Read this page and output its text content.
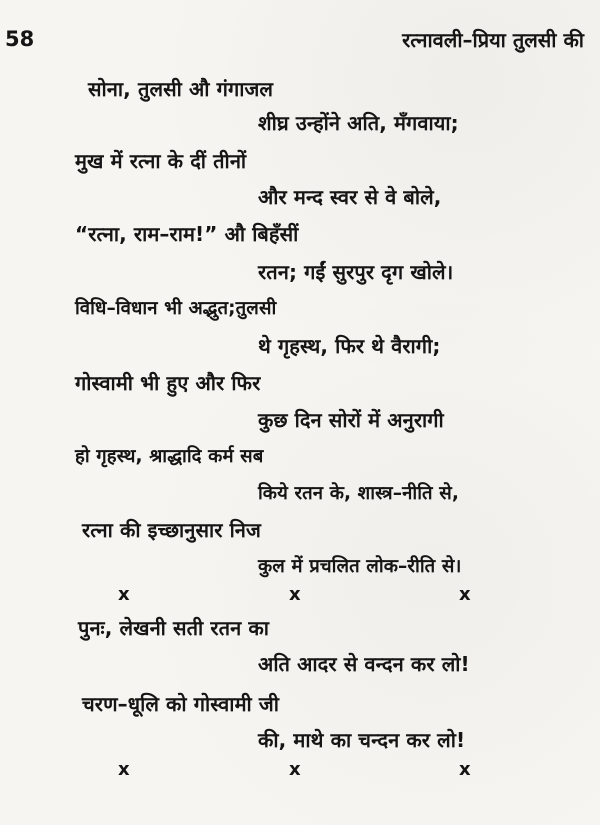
58	रत्नावली–प्रिया तुलसी की
सोना, तुलसी औ गंगाजल
शीघ्र उन्होंने अति, मँगवाया;
मुख में रत्ना के दीं तीनों
और मन्द स्वर से वे बोले,
“रत्ना, राम–राम!” औ बिहँसीं
रतन; गईं सुरपुर दृग खोले।
विधि–विधान भी अद्भुत;तुलसी
थे गृहस्थ, फिर थे वैरागी;
गोस्वामी भी हुए और फिर
कुछ दिन सोरों में अनुरागी
हो गृहस्थ, श्राद्धादि कर्म सब
किये रतन के, शास्त्र–नीति से,
रत्ना की इच्छानुसार निज
कुल में प्रचलित लोक–रीति से।
x	x	x
पुनः, लेखनी सती रतन का
अति आदर से वन्दन कर लो!
चरण–धूलि को गोस्वामी जी
की, माथे का चन्दन कर लो!
x	x	x
